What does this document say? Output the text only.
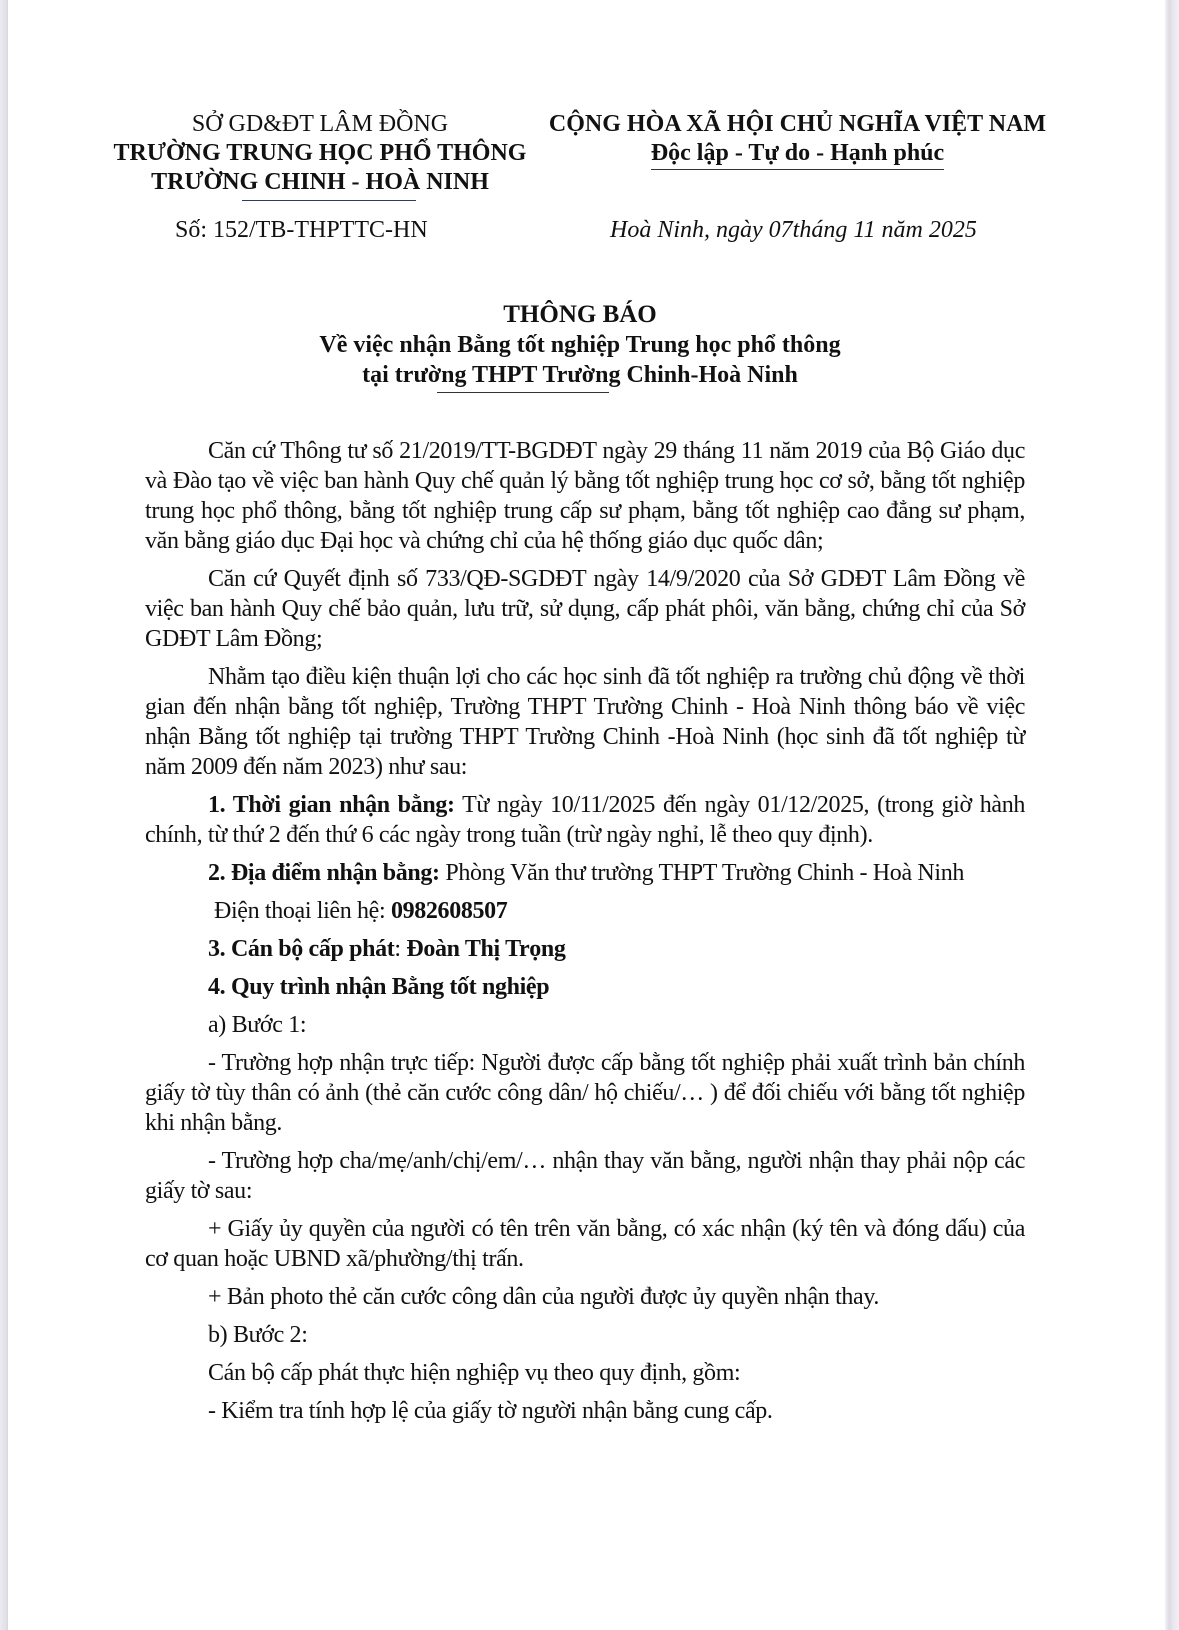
SỞ GD&ĐT LÂM ĐỒNG
TRƯỜNG TRUNG HỌC PHỔ THÔNG
TRƯỜNG CHINH - HOÀ NINH
CỘNG HÒA XÃ HỘI CHỦ NGHĨA VIỆT NAM
Độc lập - Tự do - Hạnh phúc
Số: 152/TB-THPTTC-HN	Hoà Ninh, ngày 07tháng 11 năm 2025
THÔNG BÁO
Về việc nhận Bằng tốt nghiệp Trung học phổ thông
tại trường THPT Trường Chinh-Hoà Ninh

Căn cứ Thông tư số 21/2019/TT-BGDĐT ngày 29 tháng 11 năm 2019 của Bộ Giáo dục và Đào tạo về việc ban hành Quy chế quản lý bằng tốt nghiệp trung học cơ sở, bằng tốt nghiệp trung học phổ thông, bằng tốt nghiệp trung cấp sư phạm, bằng tốt nghiệp cao đẳng sư phạm, văn bằng giáo dục Đại học và chứng chỉ của hệ thống giáo dục quốc dân;

Căn cứ Quyết định số 733/QĐ-SGDĐT ngày 14/9/2020 của Sở GDĐT Lâm Đồng về việc ban hành Quy chế bảo quản, lưu trữ, sử dụng, cấp phát phôi, văn bằng, chứng chỉ của Sở GDĐT Lâm Đồng;

Nhằm tạo điều kiện thuận lợi cho các học sinh đã tốt nghiệp ra trường chủ động về thời gian đến nhận bằng tốt nghiệp, Trường THPT Trường Chinh - Hoà Ninh thông báo về việc nhận Bằng tốt nghiệp tại trường THPT Trường Chinh -Hoà Ninh (học sinh đã tốt nghiệp từ năm 2009 đến năm 2023) như sau:

1. Thời gian nhận bằng: Từ ngày 10/11/2025 đến ngày 01/12/2025, (trong giờ hành chính, từ thứ 2 đến thứ 6 các ngày trong tuần (trừ ngày nghỉ, lễ theo quy định).

2. Địa điểm nhận bằng: Phòng Văn thư trường THPT Trường Chinh - Hoà Ninh

Điện thoại liên hệ: 0982608507

3. Cán bộ cấp phát: Đoàn Thị Trọng

4. Quy trình nhận Bằng tốt nghiệp

a) Bước 1:

- Trường hợp nhận trực tiếp: Người được cấp bằng tốt nghiệp phải xuất trình bản chính giấy tờ tùy thân có ảnh (thẻ căn cước công dân/ hộ chiếu/… ) để đối chiếu với bằng tốt nghiệp khi nhận bằng.

- Trường hợp cha/mẹ/anh/chị/em/… nhận thay văn bằng, người nhận thay phải nộp các giấy tờ sau:

+ Giấy ủy quyền của người có tên trên văn bằng, có xác nhận (ký tên và đóng dấu) của cơ quan hoặc UBND xã/phường/thị trấn.

+ Bản photo thẻ căn cước công dân của người được ủy quyền nhận thay.

b) Bước 2:

Cán bộ cấp phát thực hiện nghiệp vụ theo quy định, gồm:

- Kiểm tra tính hợp lệ của giấy tờ người nhận bằng cung cấp.
